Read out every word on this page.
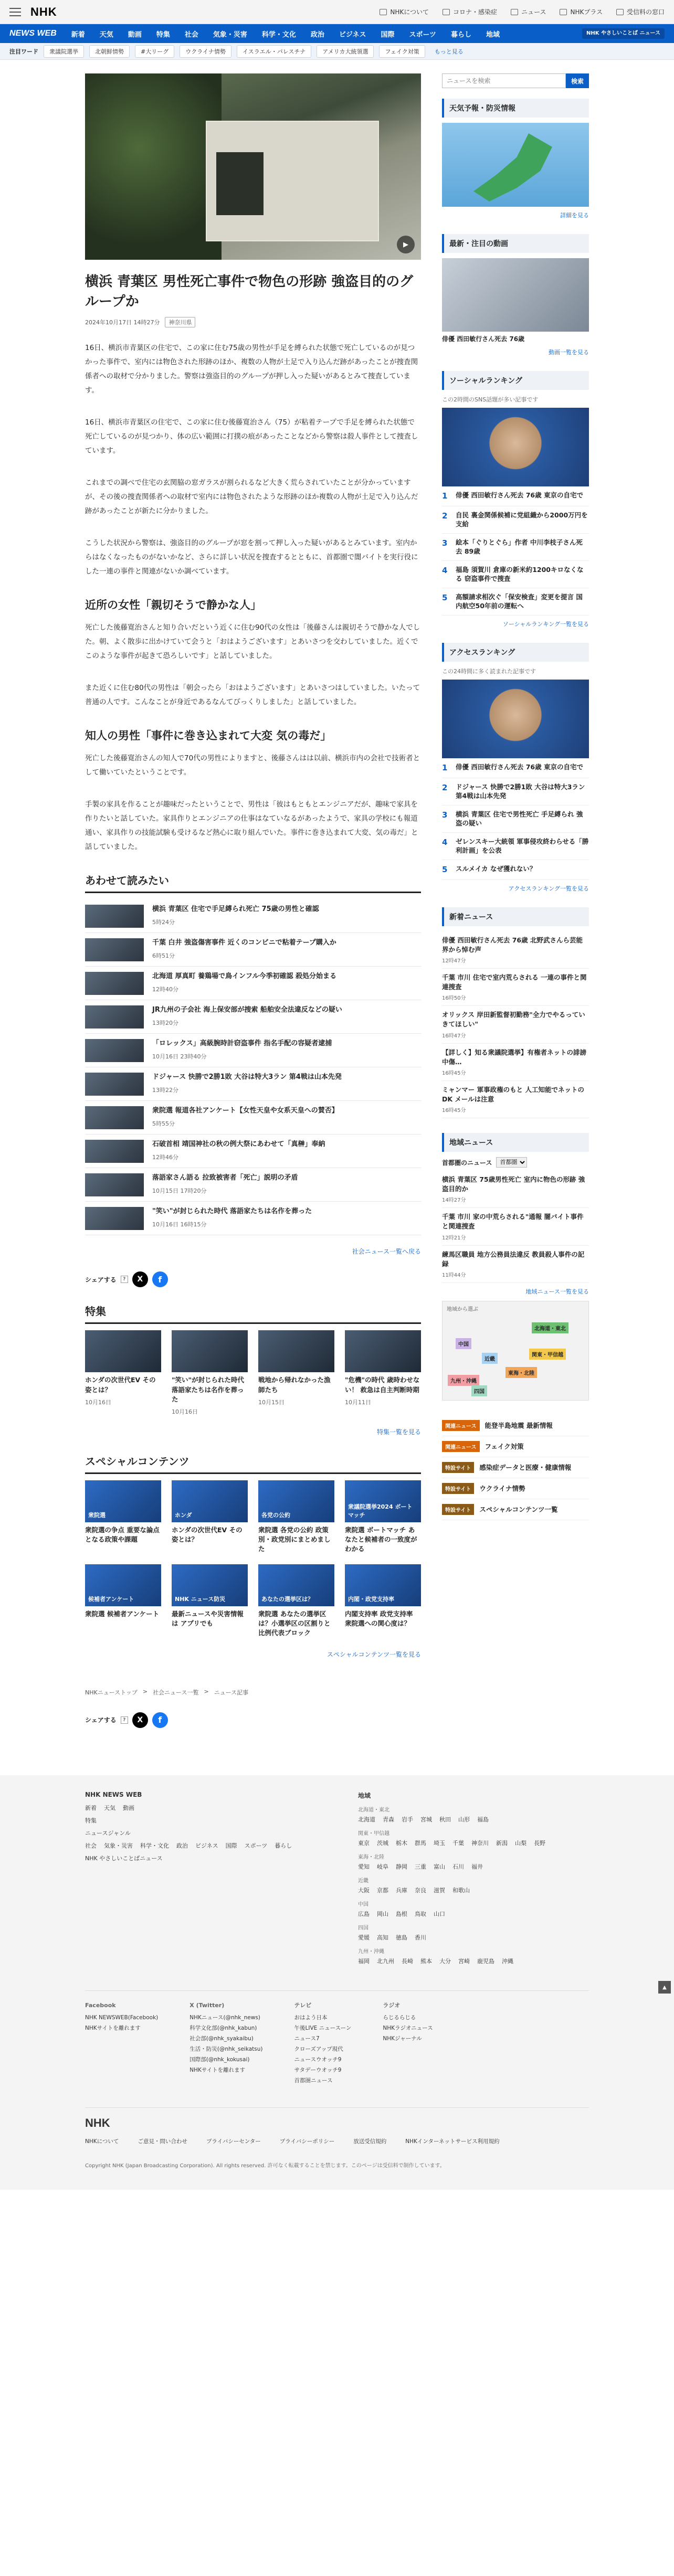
NHK	NHKについて	コロナ・感染症	ニュース	NHKプラス	受信料の窓口
NEWS WEB 新着 天気 動画 特集 社会 気象・災害 科学・文化 政治 ビジネス 国際 スポーツ 暮らし 地域	NHK やさしいことば ニュース
注目ワード	衆議院選挙	北朝鮮情勢	#大リーグ	ウクライナ情勢	イスラエル・パレスチナ	アメリカ大統領選	フェイク対策	もっと見る
▶
横浜 青葉区 男性死亡事件で物色の形跡 強盗目的のグループか
2024年10月17日 14時27分	神奈川県

16日、横浜市青葉区の住宅で、この家に住む75歳の男性が手足を縛られた状態で死亡しているのが見つかった事件で、室内には物色された形跡のほか、複数の人物が土足で入り込んだ跡があったことが捜査関係者への取材で分かりました。警察は強盗目的のグループが押し入った疑いがあるとみて捜査しています。

16日、横浜市青葉区の住宅で、この家に住む後藤寛治さん（75）が粘着テープで手足を縛られた状態で死亡しているのが見つかり、体の広い範囲に打撲の痕があったことなどから警察は殺人事件として捜査しています。

これまでの調べで住宅の玄関脇の窓ガラスが割られるなど大きく荒らされていたことが分かっていますが、その後の捜査関係者への取材で室内には物色されたような形跡のほか複数の人物が土足で入り込んだ跡があったことが新たに分かりました。

こうした状況から警察は、強盗目的のグループが窓を割って押し入った疑いがあるとみています。室内からはなくなったものがないかなど、さらに詳しい状況を捜査するとともに、首都圏で闇バイトを実行役にした一連の事件と関連がないか調べています。

近所の女性「親切そうで静かな人」

死亡した後藤寛治さんと知り合いだという近くに住む90代の女性は「後藤さんは親切そうで静かな人でした。朝、よく散歩に出かけていて会うと「おはようございます」とあいさつを交わしていました。近くでこのような事件が起きて恐ろしいです」と話していました。

また近くに住む80代の男性は「朝会ったら「おはようございます」とあいさつはしていました。いたって普通の人です。こんなことが身近であるなんてびっくりしました」と話していました。

知人の男性「事件に巻き込まれて大変 気の毒だ」

死亡した後藤寛治さんの知人で70代の男性によりますと、後藤さんはは以前、横浜市内の会社で技術者として働いていたということです。

手製の家具を作ることが趣味だったということで、男性は「彼はもともとエンジニアだが、趣味で家具を作りたいと話していた。家具作りとエンジニアの仕事はなていなるがあったようで、家具の学校にも報道通い、家具作りの技能試験も受けるなど熱心に取り組んでいた。事件に巻き込まれて大変、気の毒だ」と話していました。

あわせて読みたい
横浜 青葉区 住宅で手足縛られ死亡 75歳の男性と確認
5時24分
千葉 白井 強盗傷害事件 近くのコンビニで粘着テープ購入か
6時51分
北海道 厚真町 養鶏場で鳥インフル今季初確認 殺処分始まる
12時40分
JR九州の子会社 海上保安部が捜索 船舶安全法違反などの疑い
13時20分
「ロレックス」高級腕時計窃盗事件 指名手配の容疑者逮捕
10月16日 23時40分
ドジャース 快勝で2勝1敗 大谷は特大3ラン 第4戦は山本先発
13時22分
衆院選 報道各社アンケート【女性天皇や女系天皇への賛否】
5時55分
石破首相 靖国神社の秋の例大祭にあわせて「真榊」奉納
12時46分
落語家さん語る 拉致被害者「死亡」説明の矛盾
10月15日 17時20分
"笑い"が封じられた時代 落語家たちは名作を葬った
10月16日 16時15分
社会ニュース一覧へ戻る
シェアする	?	X	f
特集
ホンダの次世代EV その姿とは？
10月16日
"笑い"が封じられた時代 落語家たちは名作を葬った
10月16日
戦地から帰れなかった漁師たち
10月15日
"危機"の時代 歳時わせない！ 救急は自主判断時期
10月11日
特集一覧を見る
スペシャルコンテンツ
衆院選
衆院選の争点 重要な論点となる政策や課題
ホンダ
ホンダの次世代EV その姿とは？
各党の公約
衆院選 各党の公約 政策別・政党別にまとめました
衆議院選挙2024 ボートマッチ
衆院選 ボートマッチ あなたと候補者の一致度がわかる
候補者アンケート
衆院選 候補者アンケート
NHK ニュース防災
最新ニュースや災害情報は アプリでも
あなたの選挙区は？
衆院選 あなたの選挙区は？小選挙区の区割りと比例代表ブロック
内閣・政党支持率
内閣支持率 政党支持率 衆院選への関心度は？
スペシャルコンテンツ一覧を見る
NHKニューストップ > 社会ニュース一覧 > ニュース記事
シェアする	?	X	f
ニュースを検索
検索
天気予報・防災情報
詳細を見る
最新・注目の動画
俳優 西田敏行さん死去 76歳
動画一覧を見る
ソーシャルランキング
この2時間のSNS話題が多い記事です
1	俳優 西田敏行さん死去 76歳 東京の自宅で
2	自民 裏金関係候補に党組織から2000万円を支給
3	絵本「ぐりとぐら」作者 中川李枝子さん死去 89歳
4	福島 須賀川 倉庫の新米約1200キロなくなる 窃盗事件で捜査
5	高額請求相次ぐ「保安検査」変更を提言 国内航空50年前の運転へ
ソーシャルランキング一覧を見る
アクセスランキング
この24時間に多く読まれた記事です
1	俳優 西田敏行さん死去 76歳 東京の自宅で
2	ドジャース 快勝で2勝1敗 大谷は特大3ラン 第4戦は山本先発
3	横浜 青葉区 住宅で男性死亡 手足縛られ 強盗の疑い
4	ゼレンスキー大統領 軍事侵攻終わらせる「勝利計画」を公表
5	スルメイカ なぜ獲れない？
アクセスランキング一覧を見る
新着ニュース
俳優 西田敏行さん死去 76歳 北野武さんら芸能界から悼む声
12時47分
千葉 市川 住宅で室内荒らされる 一連の事件と関連捜査
16時50分
オリックス 岸田新監督初勤務"全力でやるっていきてほしい"
16時47分
【詳しく】知る衆議院選挙】有権者ネットの誹謗中傷…
16時45分
ミャンマー 軍事政権のもと 人工知能でネットのDK メールは注意
16時45分
地域ニュース
首都圏のニュース
首都圏
横浜 青葉区 75歳男性死亡 室内に物色の形跡 強盗目的か
14時27分
千葉 市川 家の中荒らされる"通報 闇バイト事件と関連捜査
12時21分
練馬区職員 地方公務員法違反 教員殺人事件の記録
11時44分
地域ニュース一覧を見る
地域から選ぶ
北海道・東北
関東・甲信越
東海・北陸
近畿
中国
九州・沖縄
四国
関連ニュース	能登半島地震 最新情報
関連ニュース	フェイク対策
特設サイト	感染症データと医療・健康情報
特設サイト	ウクライナ情勢
特設サイト	スペシャルコンテンツ一覧
▲
NHK NEWS WEB
新着 天気 動画
特集
ニュースジャンル
社会 気象・災害 科学・文化 政治 ビジネス 国際 スポーツ 暮らし
NHK やさしいことばニュース
地域
北海道・東北
北海道 青森 岩手 宮城 秋田 山形 福島
関東・甲信越
東京 茨城 栃木 群馬 埼玉 千葉 神奈川 新潟 山梨 長野
東海・北陸
愛知 岐阜 静岡 三重 富山 石川 福井
近畿
大阪 京都 兵庫 奈良 滋賀 和歌山
中国
広島 岡山 島根 鳥取 山口
四国
愛媛 高知 徳島 香川
九州・沖縄
福岡 北九州 長崎 熊本 大分 宮崎 鹿児島 沖縄
Facebook
NHK NEWSWEB(Facebook)
NHKサイトを離れます
X (Twitter)
NHKニュース(@nhk_news)
科学文化部(@nhk_kabun)
社会部(@nhk_syakaibu)
生活・防災(@nhk_seikatsu)
国際部(@nhk_kokusai)
NHKサイトを離れます
テレビ
おはよう日本
午後LIVE ニュースーン
ニュース7
クローズアップ現代
ニュースウオッチ9
サタデーウオッチ9
首都圏ニュース
ラジオ
らじるらじる
NHKラジオニュース
NHKジャーナル
NHK
NHKについて	ご意見・問い合わせ	プライバシーセンター	プライバシーポリシー	放送受信規約	NHKインターネットサービス利用規約
Copyright NHK (Japan Broadcasting Corporation). All rights reserved. 許可なく転載することを禁じます。このページは受信料で制作しています。
